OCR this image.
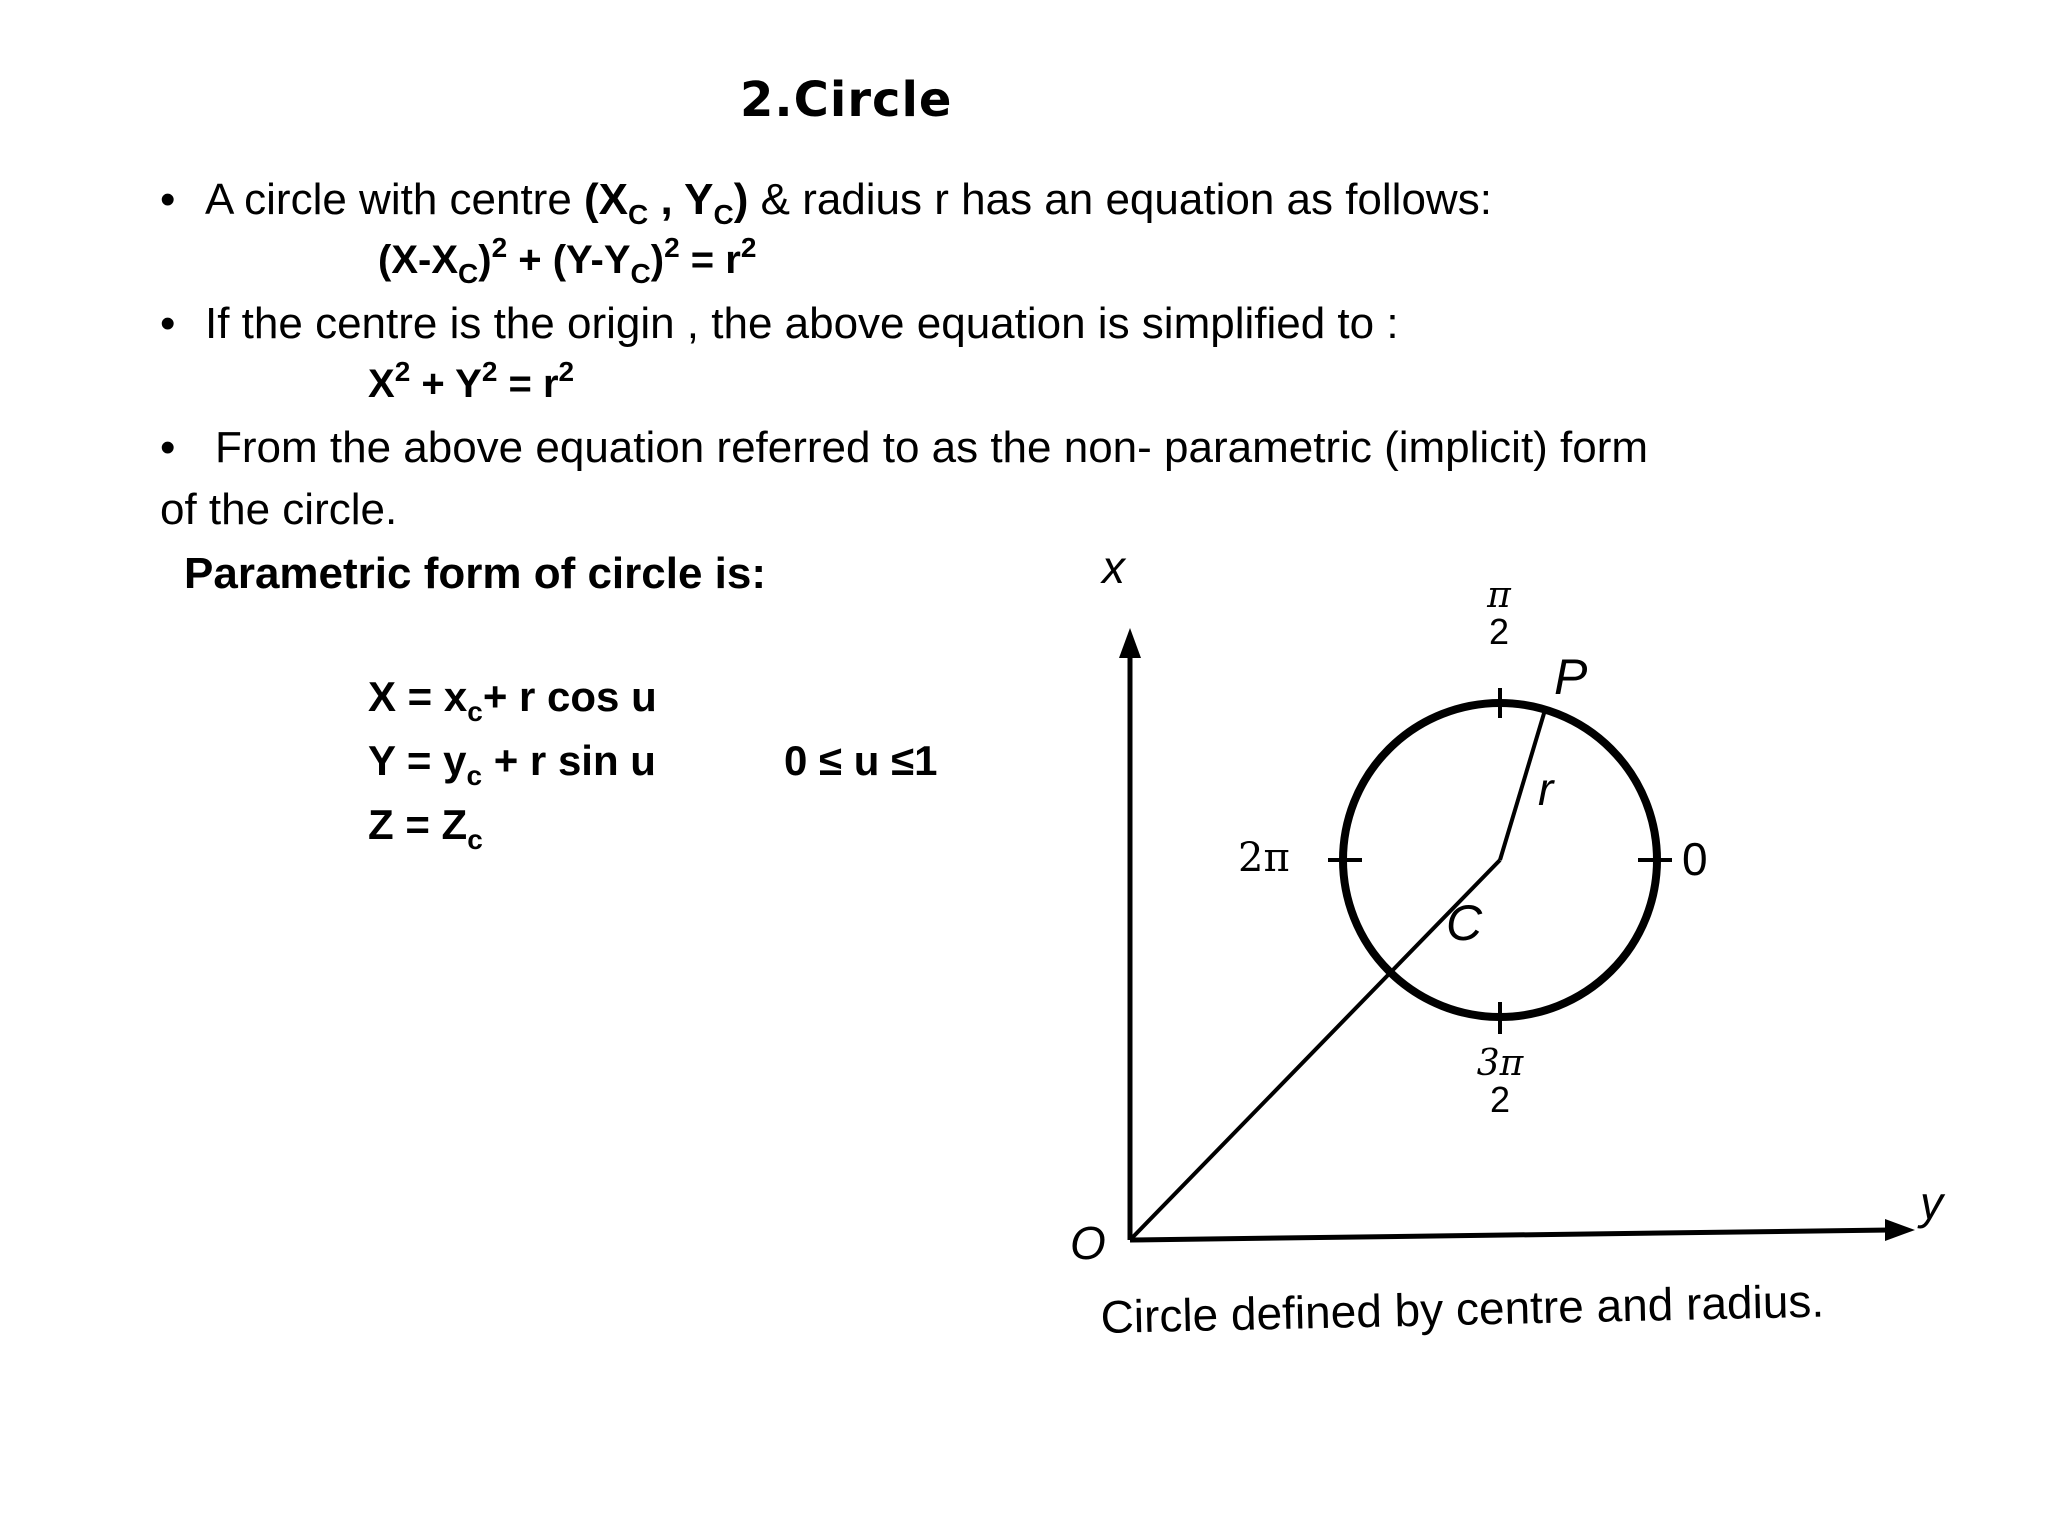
2.Circle
• A circle with centre ($X_C$ , $Y_C$) & radius r has an equation as follows:
$(X-X_C)^2 + (Y-Y_C)^2 = r^2$
• If the centre is the origin , the above equation is simplified to :
$X^2 + Y^2 = r^2$
• From the above equation referred to as the non- parametric (implicit) form
of the circle.
Parametric form of circle is:
$X = x_c+ r$ cos u
$Y = y_c + r$ sin u	0 ≤ u ≤1
$Z = Z_c$
x
y
O
P
r
C
π
2
2π	0
3π
2
Circle defined by centre and radius.
